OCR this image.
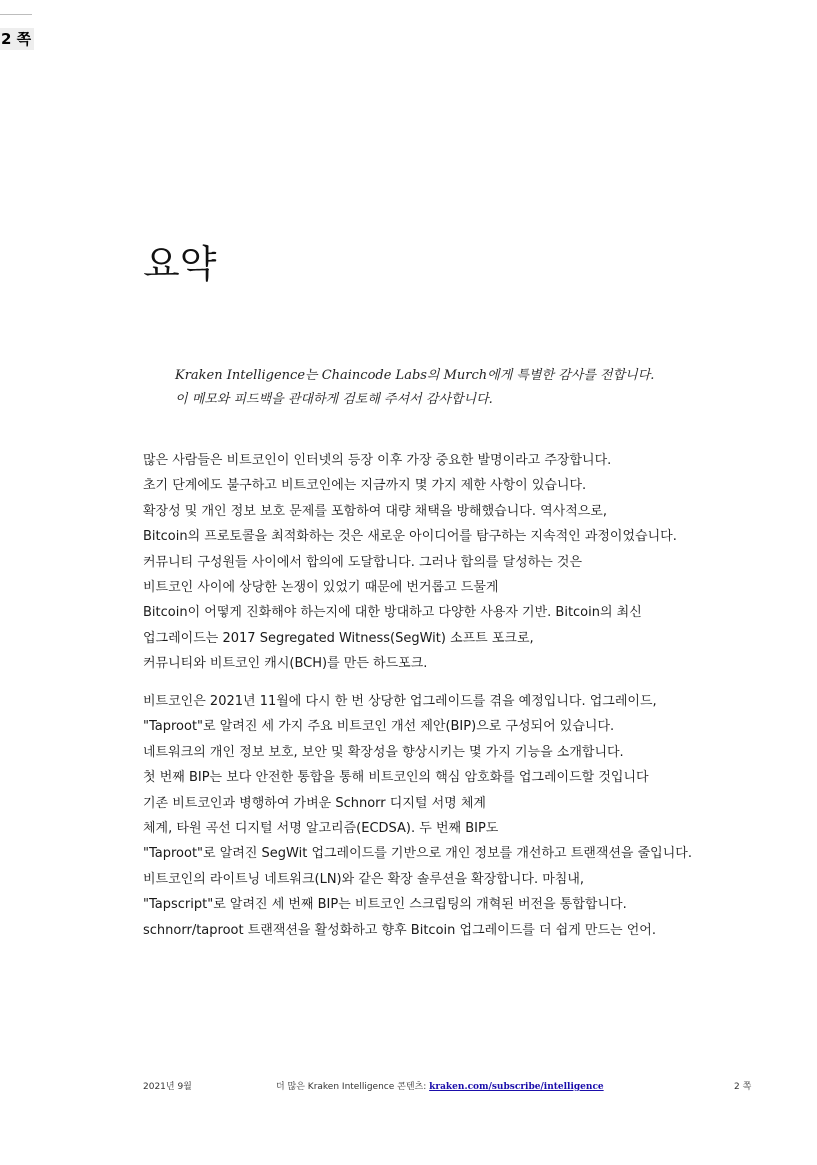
2 쪽
요약
Kraken Intelligence는 Chaincode Labs의 Murch에게 특별한 감사를 전합니다.
이 메모와 피드백을 관대하게 검토해 주셔서 감사합니다.
많은 사람들은 비트코인이 인터넷의 등장 이후 가장 중요한 발명이라고 주장합니다.
초기 단계에도 불구하고 비트코인에는 지금까지 몇 가지 제한 사항이 있습니다.
확장성 및 개인 정보 보호 문제를 포함하여 대량 채택을 방해했습니다. 역사적으로,
Bitcoin의 프로토콜을 최적화하는 것은 새로운 아이디어를 탐구하는 지속적인 과정이었습니다.
커뮤니티 구성원들 사이에서 합의에 도달합니다. 그러나 합의를 달성하는 것은
비트코인 사이에 상당한 논쟁이 있었기 때문에 번거롭고 드물게
Bitcoin이 어떻게 진화해야 하는지에 대한 방대하고 다양한 사용자 기반. Bitcoin의 최신
업그레이드는 2017 Segregated Witness(SegWit) 소프트 포크로,
커뮤니티와 비트코인 캐시(BCH)를 만든 하드포크.
비트코인은 2021년 11월에 다시 한 번 상당한 업그레이드를 겪을 예정입니다. 업그레이드,
"Taproot"로 알려진 세 가지 주요 비트코인 개선 제안(BIP)으로 구성되어 있습니다.
네트워크의 개인 정보 보호, 보안 및 확장성을 향상시키는 몇 가지 기능을 소개합니다.
첫 번째 BIP는 보다 안전한 통합을 통해 비트코인의 핵심 암호화를 업그레이드할 것입니다
기존 비트코인과 병행하여 가벼운 Schnorr 디지털 서명 체계
체계, 타원 곡선 디지털 서명 알고리즘(ECDSA). 두 번째 BIP도
"Taproot"로 알려진 SegWit 업그레이드를 기반으로 개인 정보를 개선하고 트랜잭션을 줄입니다.
비트코인의 라이트닝 네트워크(LN)와 같은 확장 솔루션을 확장합니다. 마침내,
"Tapscript"로 알려진 세 번째 BIP는 비트코인 스크립팅의 개혁된 버전을 통합합니다.
schnorr/taproot 트랜잭션을 활성화하고 향후 Bitcoin 업그레이드를 더 쉽게 만드는 언어.
2021년 9월	더 많은 Kraken Intelligence 콘텐츠: kraken.com/subscribe/intelligence	2 쪽
